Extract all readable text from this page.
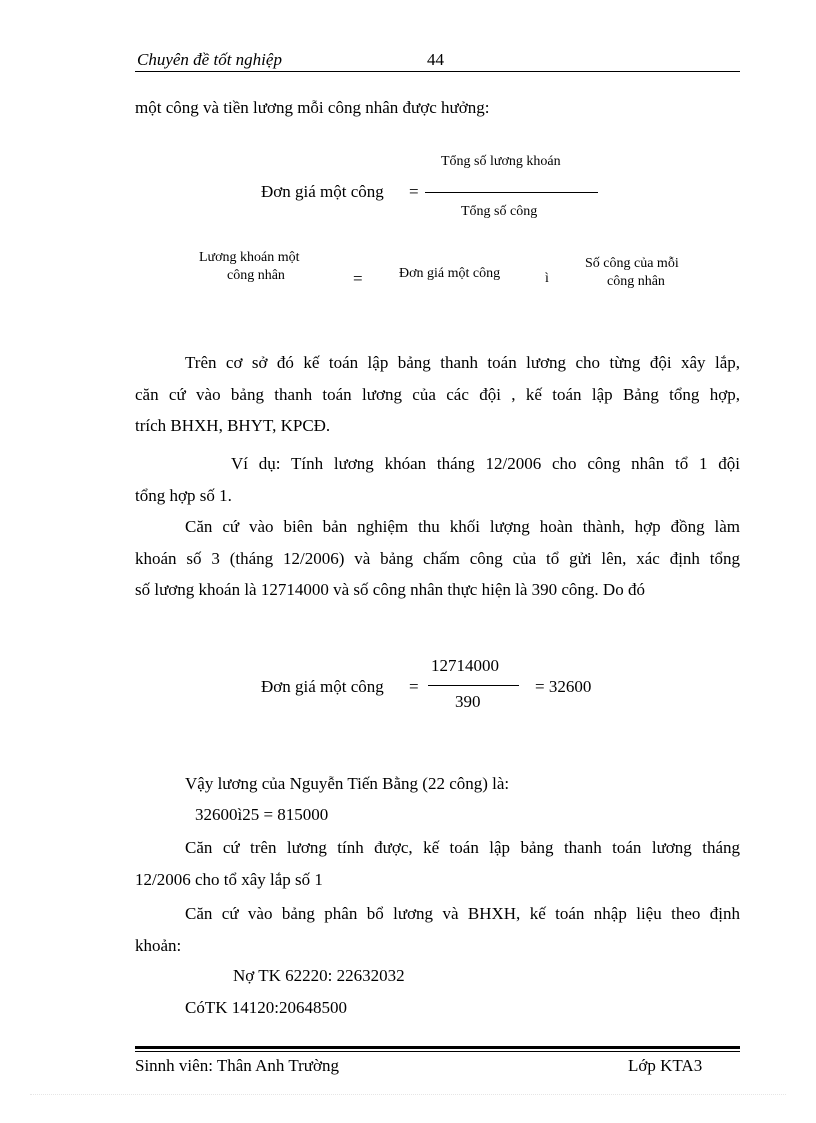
Chuyên đề tốt nghiệp	44
một công và tiền lương mỗi công nhân được hưởng:
Tổng số lương khoán
Đơn giá một công =
Tổng số công
Lương khoán một
công nhân	=	Đơn giá một công	ì
Số công của mỗi
công nhân
Trên cơ sở đó kế toán lập bảng thanh toán lương cho từng đội xây lắp,
căn cứ vào bảng thanh toán lương của các đội , kế toán lập Bảng tổng hợp,
trích BHXH, BHYT, KPCĐ.
Ví dụ: Tính lương khóan tháng 12/2006 cho công nhân tổ 1 đội
tổng hợp số 1.
Căn cứ vào biên bản nghiệm thu khối lượng hoàn thành, hợp đồng làm
khoán số 3 (tháng 12/2006) và bảng chấm công của tổ gửi lên, xác định tổng
số lương khoán là 12714000 và số công nhân thực hiện là 390 công. Do đó
12714000
Đơn giá một công =	= 32600
390
Vậy lương của Nguyễn Tiến Bằng (22 công) là:
32600ì25 = 815000
Căn cứ trên lương tính được, kế toán lập bảng thanh toán lương tháng
12/2006 cho tổ xây lắp số 1
Căn cứ vào bảng phân bổ lương và BHXH, kế toán nhập liệu theo định
khoản:
Nợ TK 62220: 22632032
CóTK 14120:20648500
Sinnh viên: Thân Anh Trường	Lớp KTA3
